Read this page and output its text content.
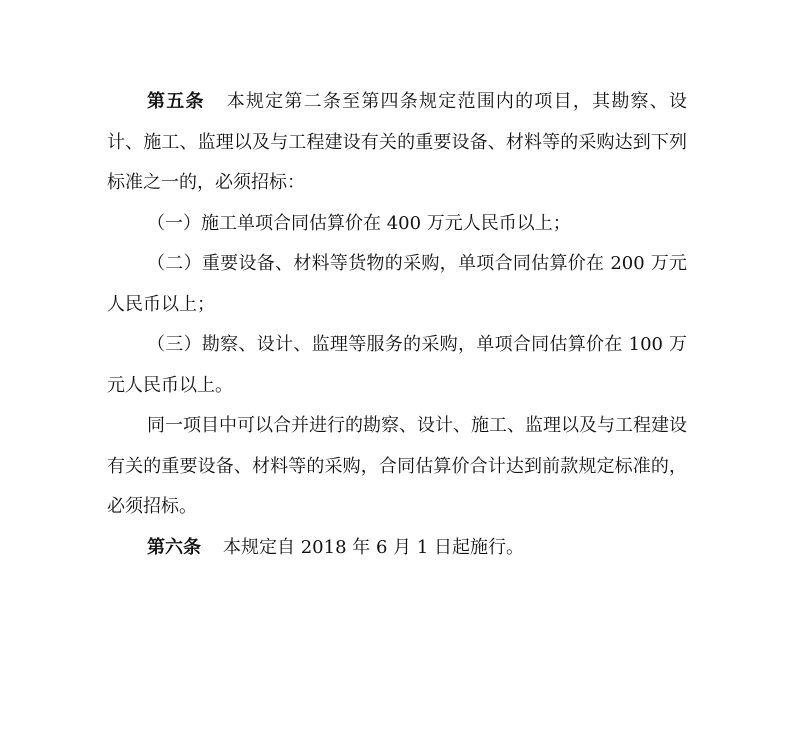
第五条 本规定第二条至第四条规定范围内的项目，其勘察、设计、施工、监理以及与工程建设有关的重要设备、材料等的采购达到下列标准之一的，必须招标：

（一）施工单项合同估算价在 400 万元人民币以上；

（二）重要设备、材料等货物的采购，单项合同估算价在 200 万元人民币以上；

（三）勘察、设计、监理等服务的采购，单项合同估算价在 100 万元人民币以上。

同一项目中可以合并进行的勘察、设计、施工、监理以及与工程建设有关的重要设备、材料等的采购，合同估算价合计达到前款规定标准的，必须招标。

第六条 本规定自 2018 年 6 月 1 日起施行。
